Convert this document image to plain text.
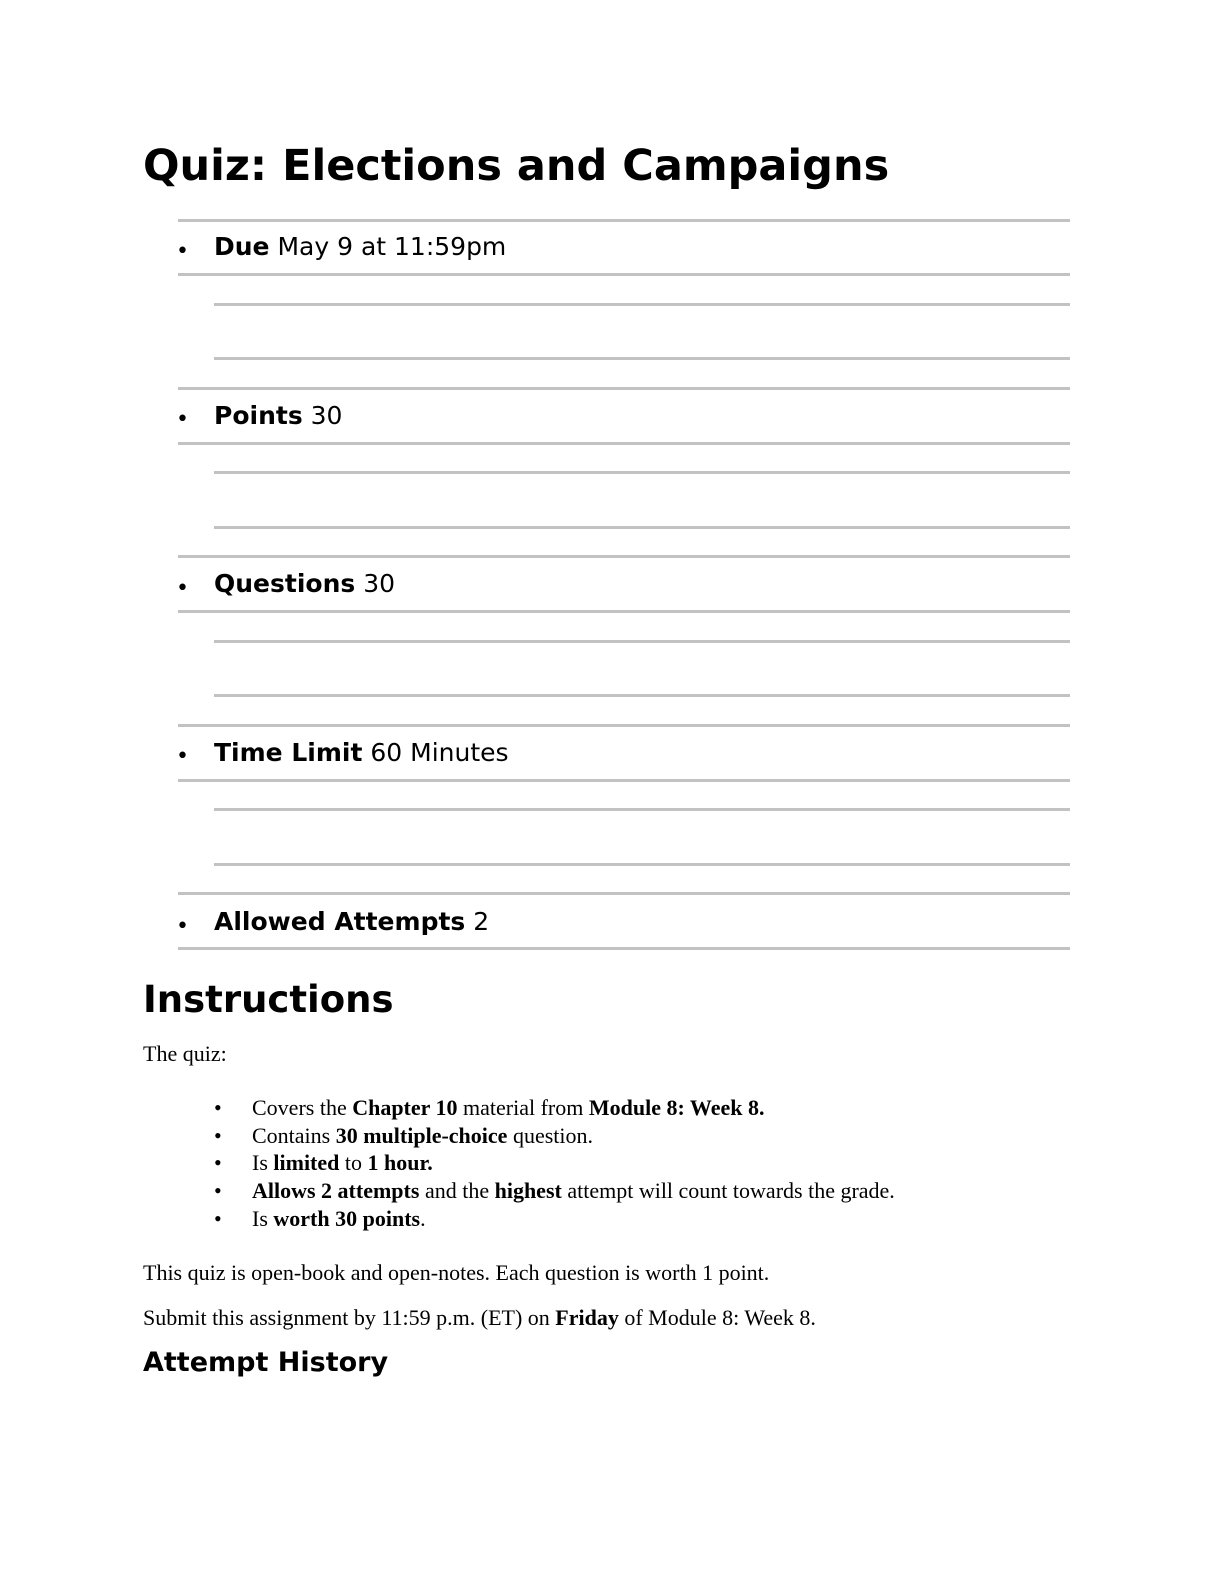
Quiz: Elections and Campaigns
• Due May 9 at 11:59pm
• Points 30
• Questions 30
• Time Limit 60 Minutes
• Allowed Attempts 2
Instructions

The quiz:

• Covers the Chapter 10 material from Module 8: Week 8.
• Contains 30 multiple-choice question.
• Is limited to 1 hour.
• Allows 2 attempts and the highest attempt will count towards the grade.
• Is worth 30 points.

This quiz is open-book and open-notes. Each question is worth 1 point.

Submit this assignment by 11:59 p.m. (ET) on Friday of Module 8: Week 8.

Attempt History
